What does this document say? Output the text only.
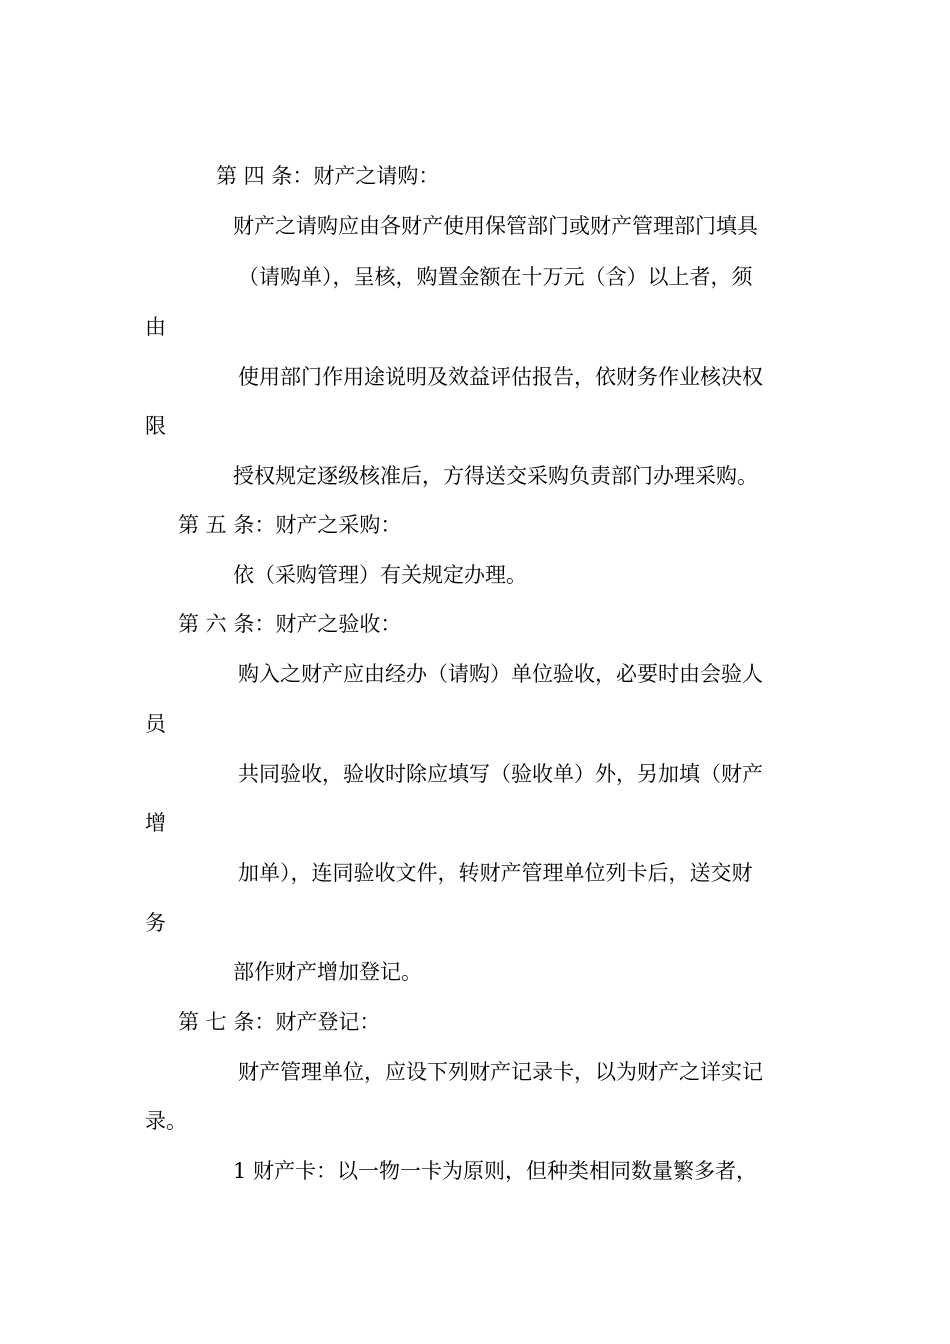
第 四 条：财产之请购：
财产之请购应由各财产使用保管部门或财产管理部门填具
（请购单），呈核，购置金额在十万元（含）以上者，须
由
使用部门作用途说明及效益评估报告，依财务作业核决权
限
授权规定逐级核准后，方得送交采购负责部门办理采购。
第 五 条：财产之采购：
依（采购管理）有关规定办理。
第 六 条：财产之验收：
购入之财产应由经办（请购）单位验收，必要时由会验人
员
共同验收，验收时除应填写（验收单）外，另加填（财产
增
加单），连同验收文件，转财产管理单位列卡后，送交财
务
部作财产增加登记。
第 七 条：财产登记：
财产管理单位，应设下列财产记录卡，以为财产之详实记
录。
1 财产卡：以一物一卡为原则，但种类相同数量繁多者，
